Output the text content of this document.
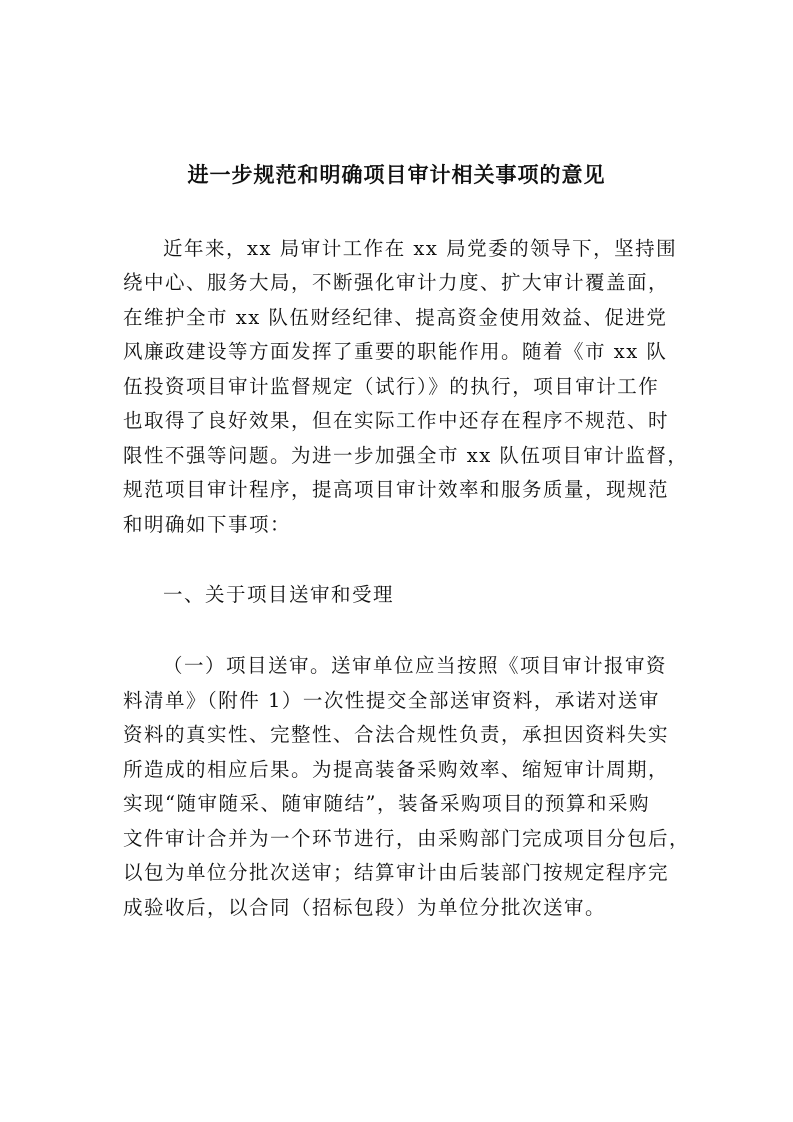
进一步规范和明确项目审计相关事项的意见
近年来，xx 局审计工作在 xx 局党委的领导下，坚持围
绕中心、服务大局，不断强化审计力度、扩大审计覆盖面，
在维护全市 xx 队伍财经纪律、提高资金使用效益、促进党
风廉政建设等方面发挥了重要的职能作用。随着《市 xx 队
伍投资项目审计监督规定（试行）》的执行，项目审计工作
也取得了良好效果，但在实际工作中还存在程序不规范、时
限性不强等问题。为进一步加强全市 xx 队伍项目审计监督，
规范项目审计程序，提高项目审计效率和服务质量，现规范
和明确如下事项：
一、关于项目送审和受理
（一）项目送审。送审单位应当按照《项目审计报审资
料清单》（附件 1）一次性提交全部送审资料，承诺对送审
资料的真实性、完整性、合法合规性负责，承担因资料失实
所造成的相应后果。为提高装备采购效率、缩短审计周期，
实现“随审随采、随审随结”，装备采购项目的预算和采购
文件审计合并为一个环节进行，由采购部门完成项目分包后，
以包为单位分批次送审；结算审计由后装部门按规定程序完
成验收后，以合同（招标包段）为单位分批次送审。
